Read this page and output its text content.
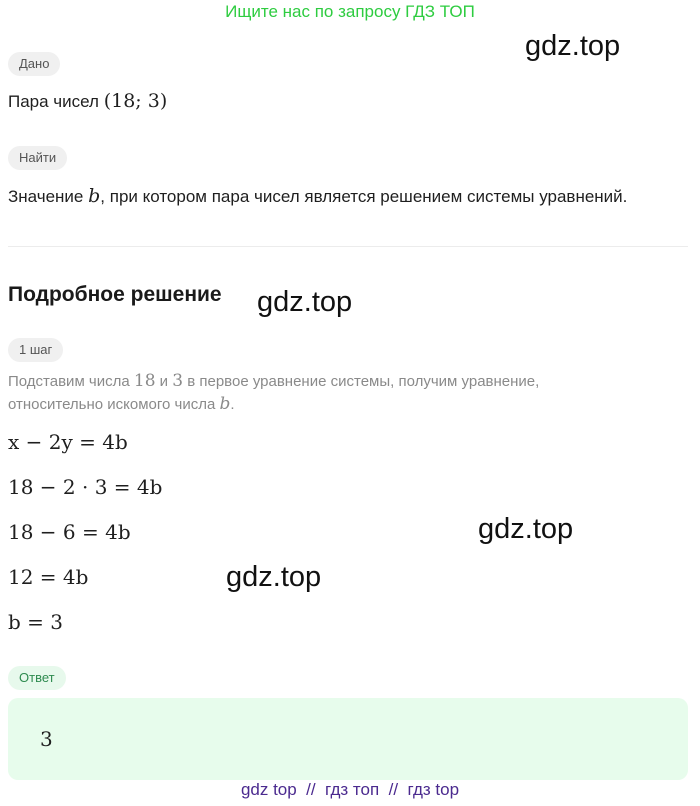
Ищите нас по запросу ГДЗ ТОП
gdz.top
Дано
Пара чисел (18; 3)
Найти
Значение b, при котором пара чисел является решением системы уравнений.
Подробное решение gdz.top
1 шаг
Подставим числа 18 и 3 в первое уравнение системы, получим уравнение,
относительно искомого числа b.
x − 2y = 4b
18 − 2 · 3 = 4b
18 − 6 = 4b	gdz.top
12 = 4b	gdz.top
b = 3
Ответ
3
gdz top  //  гдз топ  //  гдз top
